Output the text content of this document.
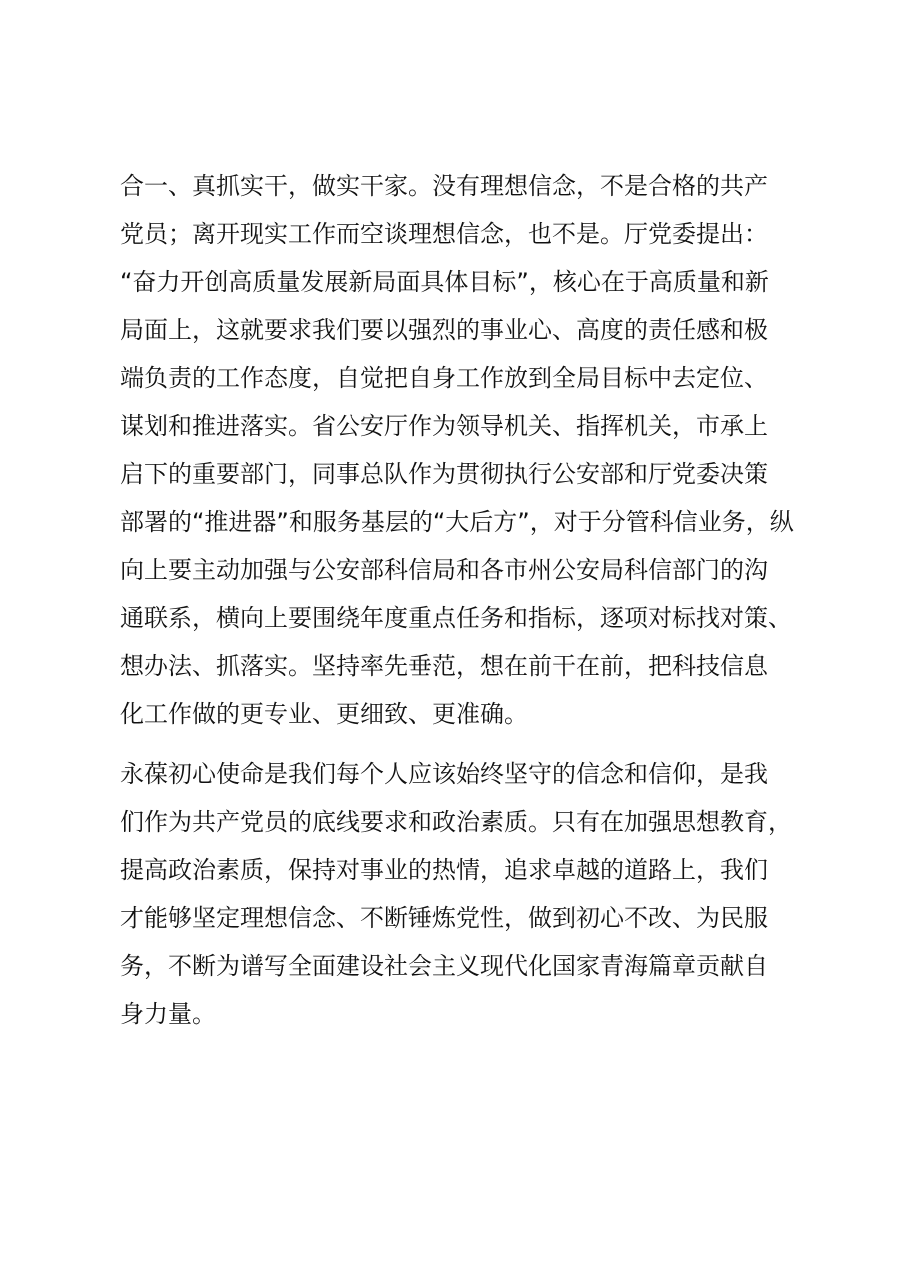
合一、真抓实干，做实干家。没有理想信念，不是合格的共产
党员；离开现实工作而空谈理想信念，也不是。厅党委提出：
“奋力开创高质量发展新局面具体目标”，核心在于高质量和新
局面上，这就要求我们要以强烈的事业心、高度的责任感和极
端负责的工作态度，自觉把自身工作放到全局目标中去定位、
谋划和推进落实。省公安厅作为领导机关、指挥机关，市承上
启下的重要部门，同事总队作为贯彻执行公安部和厅党委决策
部署的“推进器”和服务基层的“大后方”，对于分管科信业务，纵
向上要主动加强与公安部科信局和各市州公安局科信部门的沟
通联系，横向上要围绕年度重点任务和指标，逐项对标找对策、
想办法、抓落实。坚持率先垂范，想在前干在前，把科技信息
化工作做的更专业、更细致、更准确。
永葆初心使命是我们每个人应该始终坚守的信念和信仰，是我
们作为共产党员的底线要求和政治素质。只有在加强思想教育，
提高政治素质，保持对事业的热情，追求卓越的道路上，我们
才能够坚定理想信念、不断锤炼党性，做到初心不改、为民服
务，不断为谱写全面建设社会主义现代化国家青海篇章贡献自
身力量。
